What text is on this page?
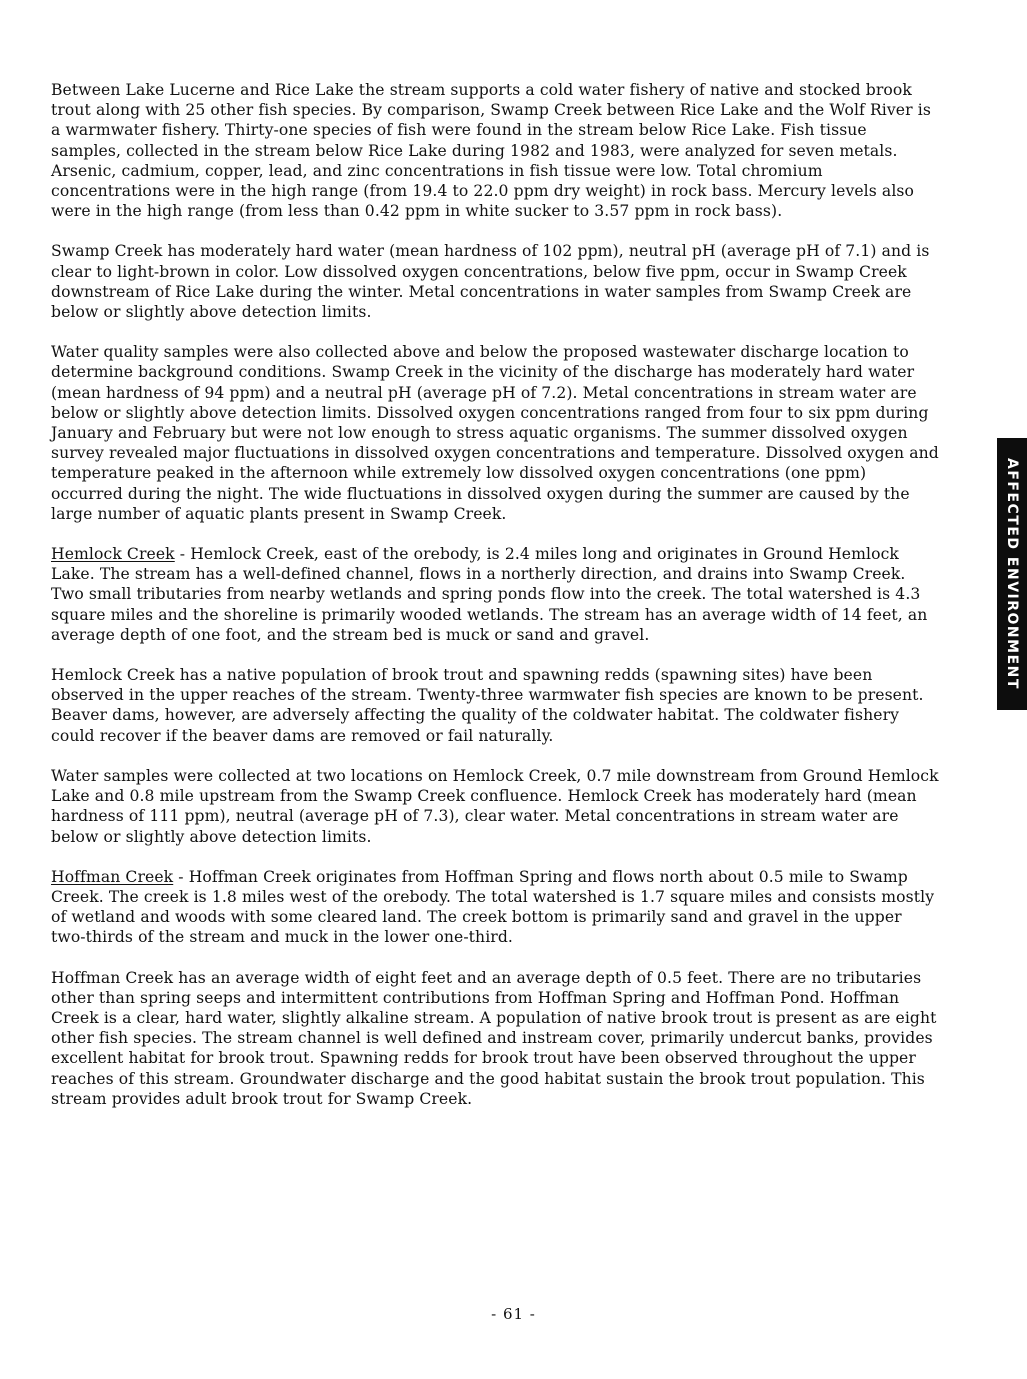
Between Lake Lucerne and Rice Lake the stream supports a cold water fishery of native and stocked brook trout along with 25 other fish species. By comparison, Swamp Creek between Rice Lake and the Wolf River is a warmwater fishery. Thirty-one species of fish were found in the stream below Rice Lake. Fish tissue samples, collected in the stream below Rice Lake during 1982 and 1983, were analyzed for seven metals. Arsenic, cadmium, copper, lead, and zinc concentrations in fish tissue were low. Total chromium concentrations were in the high range (from 19.4 to 22.0 ppm dry weight) in rock bass. Mercury levels also were in the high range (from less than 0.42 ppm in white sucker to 3.57 ppm in rock bass).

Swamp Creek has moderately hard water (mean hardness of 102 ppm), neutral pH (average pH of 7.1) and is clear to light-brown in color. Low dissolved oxygen concentrations, below five ppm, occur in Swamp Creek downstream of Rice Lake during the winter. Metal concentrations in water samples from Swamp Creek are below or slightly above detection limits.

Water quality samples were also collected above and below the proposed wastewater discharge location to determine background conditions. Swamp Creek in the vicinity of the discharge has moderately hard water (mean hardness of 94 ppm) and a neutral pH (average pH of 7.2). Metal concentrations in stream water are below or slightly above detection limits. Dissolved oxygen concentrations ranged from four to six ppm during January and February but were not low enough to stress aquatic organisms. The summer dissolved oxygen survey revealed major fluctuations in dissolved oxygen concentrations and temperature. Dissolved oxygen and temperature peaked in the afternoon while extremely low dissolved oxygen concentrations (one ppm) occurred during the night. The wide fluctuations in dissolved oxygen during the summer are caused by the large number of aquatic plants present in Swamp Creek.

Hemlock Creek - Hemlock Creek, east of the orebody, is 2.4 miles long and originates in Ground Hemlock Lake. The stream has a well-defined channel, flows in a northerly direction, and drains into Swamp Creek. Two small tributaries from nearby wetlands and spring ponds flow into the creek. The total watershed is 4.3 square miles and the shoreline is primarily wooded wetlands. The stream has an average width of 14 feet, an average depth of one foot, and the stream bed is muck or sand and gravel.

Hemlock Creek has a native population of brook trout and spawning redds (spawning sites) have been observed in the upper reaches of the stream. Twenty-three warmwater fish species are known to be present. Beaver dams, however, are adversely affecting the quality of the coldwater habitat. The coldwater fishery could recover if the beaver dams are removed or fail naturally.

Water samples were collected at two locations on Hemlock Creek, 0.7 mile downstream from Ground Hemlock Lake and 0.8 mile upstream from the Swamp Creek confluence. Hemlock Creek has moderately hard (mean hardness of 111 ppm), neutral (average pH of 7.3), clear water. Metal concentrations in stream water are below or slightly above detection limits.

Hoffman Creek - Hoffman Creek originates from Hoffman Spring and flows north about 0.5 mile to Swamp Creek. The creek is 1.8 miles west of the orebody. The total watershed is 1.7 square miles and consists mostly of wetland and woods with some cleared land. The creek bottom is primarily sand and gravel in the upper two-thirds of the stream and muck in the lower one-third.

Hoffman Creek has an average width of eight feet and an average depth of 0.5 feet. There are no tributaries other than spring seeps and intermittent contributions from Hoffman Spring and Hoffman Pond. Hoffman Creek is a clear, hard water, slightly alkaline stream. A population of native brook trout is present as are eight other fish species. The stream channel is well defined and instream cover, primarily undercut banks, provides excellent habitat for brook trout. Spawning redds for brook trout have been observed throughout the upper reaches of this stream. Groundwater discharge and the good habitat sustain the brook trout population. This stream provides adult brook trout for Swamp Creek.

AFFECTED ENVIRONMENT
- 61 -
